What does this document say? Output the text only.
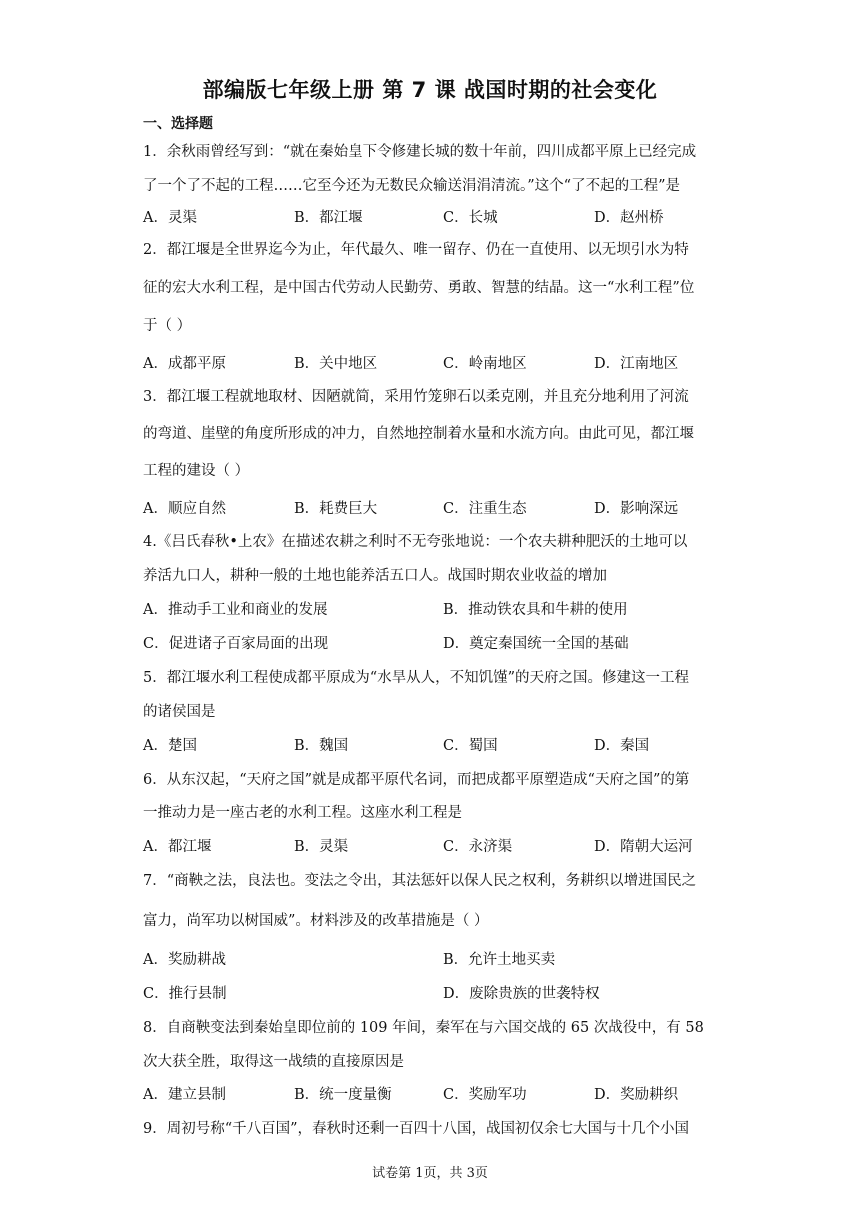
部编版七年级上册 第 7 课 战国时期的社会变化
一、选择题
1．余秋雨曾经写到：“就在秦始皇下令修建长城的数十年前，四川成都平原上已经完成
了一个了不起的工程……它至今还为无数民众输送涓涓清流。”这个“了不起的工程”是
A．灵渠	B．都江堰	C．长城	D．赵州桥
2．都江堰是全世界迄今为止，年代最久、唯一留存、仍在一直使用、以无坝引水为特
征的宏大水利工程，是中国古代劳动人民勤劳、勇敢、智慧的结晶。这一“水利工程”位
于（ ）
A．成都平原	B．关中地区	C．岭南地区	D．江南地区
3．都江堰工程就地取材、因陋就简，采用竹笼卵石以柔克刚，并且充分地利用了河流
的弯道、崖壁的角度所形成的冲力，自然地控制着水量和水流方向。由此可见，都江堰
工程的建设（ ）
A．顺应自然	B．耗费巨大	C．注重生态	D．影响深远
4.《吕氏春秋•上农》在描述农耕之利时不无夸张地说：一个农夫耕种肥沃的土地可以
养活九口人，耕种一般的土地也能养活五口人。战国时期农业收益的增加
A．推动手工业和商业的发展	B．推动铁农具和牛耕的使用
C．促进诸子百家局面的出现	D．奠定秦国统一全国的基础
5．都江堰水利工程使成都平原成为“水旱从人，不知饥馑”的天府之国。修建这一工程
的诸侯国是
A．楚国	B．魏国	C．蜀国	D．秦国
6．从东汉起，“天府之国”就是成都平原代名词，而把成都平原塑造成“天府之国”的第
一推动力是一座古老的水利工程。这座水利工程是
A．都江堰	B．灵渠	C．永济渠	D．隋朝大运河
7．“商鞅之法，良法也。变法之令出，其法惩奸以保人民之权利，务耕织以增进国民之
富力，尚军功以树国威”。材料涉及的改革措施是（ ）
A．奖励耕战	B．允许土地买卖
C．推行县制	D．废除贵族的世袭特权
8．自商鞅变法到秦始皇即位前的 109 年间，秦军在与六国交战的 65 次战役中，有 58
次大获全胜，取得这一战绩的直接原因是
A．建立县制	B．统一度量衡	C．奖励军功	D．奖励耕织
9．周初号称“千八百国”，春秋时还剩一百四十八国，战国初仅余七大国与十几个小国
试卷第 1页，共 3页
